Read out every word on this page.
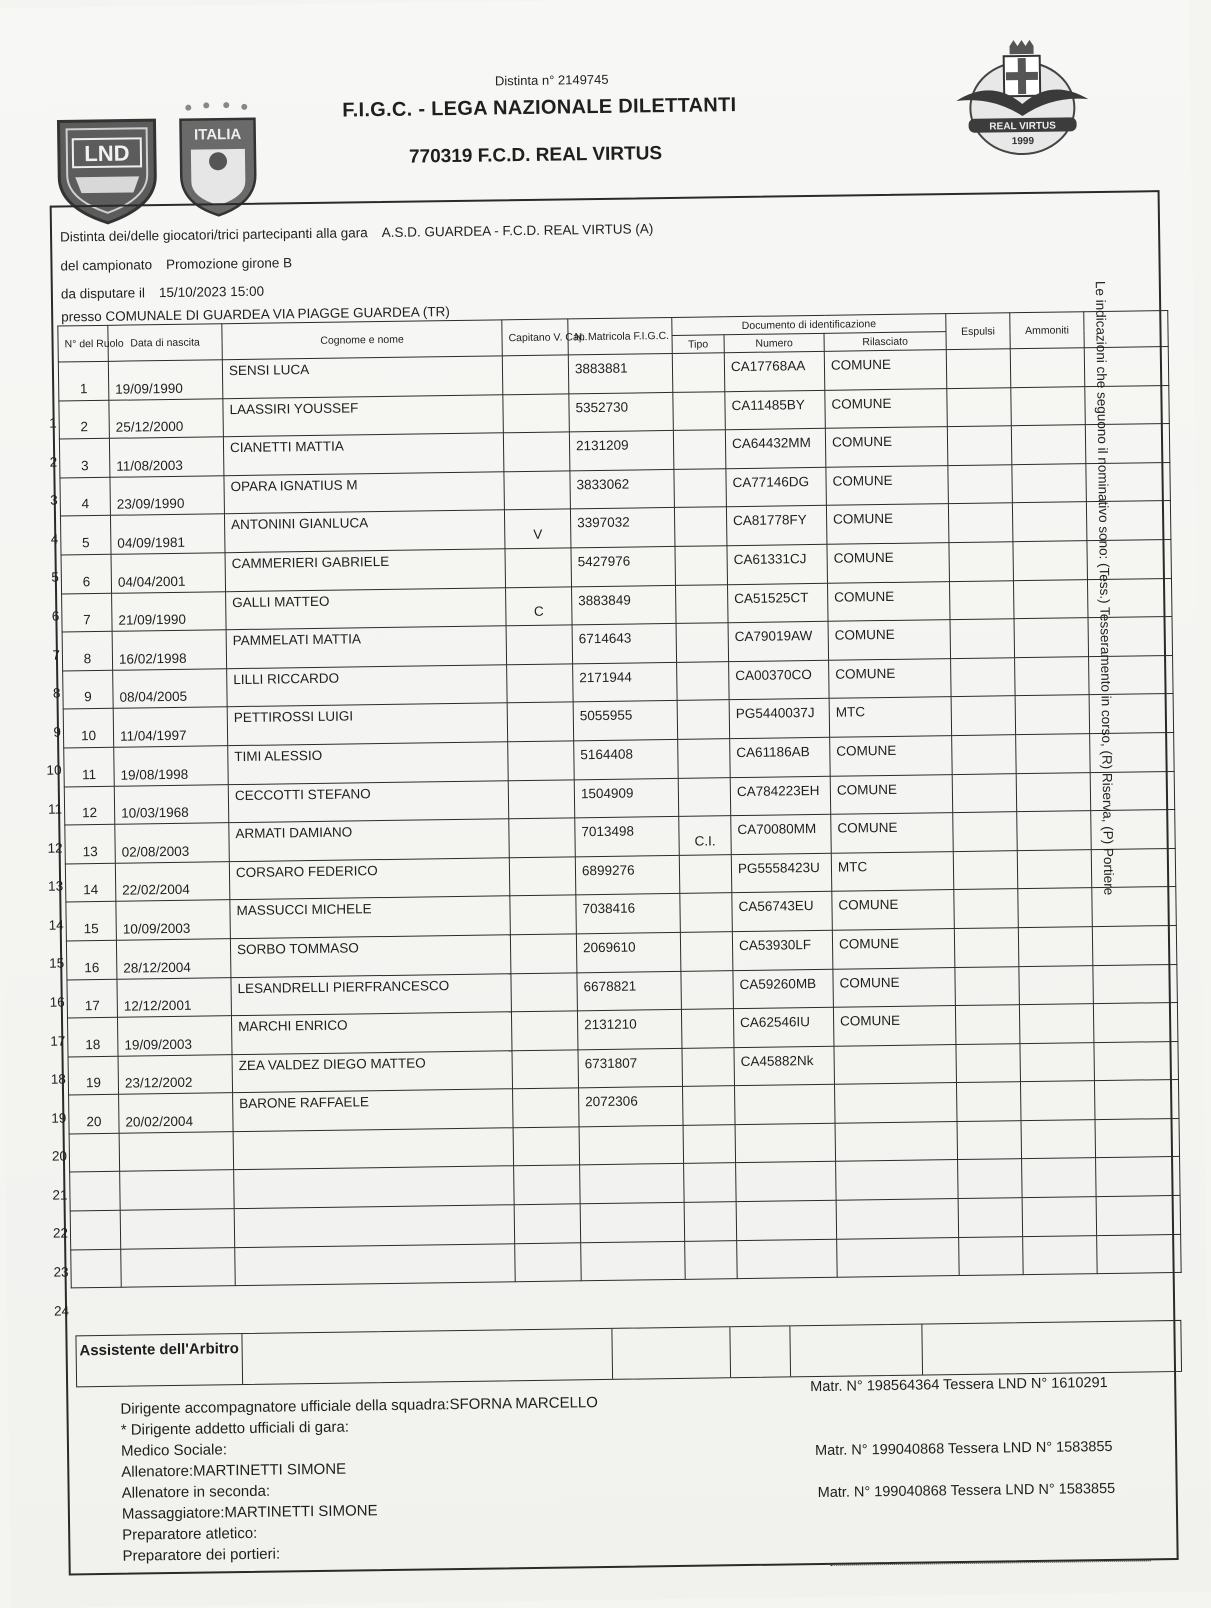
Distinta n° 2149745
F.I.G.C. - LEGA NAZIONALE DILETTANTI
770319 F.C.D. REAL VIRTUS
LND
ITALIA	REAL VIRTUS
1999
Distinta dei/delle giocatori/trici partecipanti alla gara A.S.D. GUARDEA - F.C.D. REAL VIRTUS (A)
del campionato Promozione girone B
da disputare il 15/10/2023 15:00
presso COMUNALE DI GUARDEA VIA PIAGGE GUARDEA (TR)
N° del Ruolo	Data di nascita	Cognome e nome	Capitano V. Cap.	N. Matricola F.I.G.C.	Documento di identificazione			Espulsi	Ammoniti	
					Tipo	Numero	Rilasciato			
1	19/09/1990	SENSI LUCA		3883881		CA17768AA	COMUNE			
2	25/12/2000	LAASSIRI YOUSSEF		5352730		CA11485BY	COMUNE			
3	11/08/2003	CIANETTI MATTIA		2131209		CA64432MM	COMUNE			
4	23/09/1990	OPARA IGNATIUS M		3833062		CA77146DG	COMUNE			
5	04/09/1981	ANTONINI GIANLUCA	V	3397032		CA81778FY	COMUNE			
6	04/04/2001	CAMMERIERI GABRIELE		5427976		CA61331CJ	COMUNE			
7	21/09/1990	GALLI MATTEO	C	3883849		CA51525CT	COMUNE			
8	16/02/1998	PAMMELATI MATTIA		6714643		CA79019AW	COMUNE			
9	08/04/2005	LILLI RICCARDO		2171944		CA00370CO	COMUNE			
10	11/04/1997	PETTIROSSI LUIGI		5055955		PG5440037J	MTC			
11	19/08/1998	TIMI ALESSIO		5164408		CA61186AB	COMUNE			
12	10/03/1968	CECCOTTI STEFANO		1504909		CA784223EH	COMUNE			
13	02/08/2003	ARMATI DAMIANO		7013498	C.I.	CA70080MM	COMUNE			
14	22/02/2004	CORSARO FEDERICO		6899276		PG5558423U	MTC			
15	10/09/2003	MASSUCCI MICHELE		7038416		CA56743EU	COMUNE			
16	28/12/2004	SORBO TOMMASO		2069610		CA53930LF	COMUNE			
17	12/12/2001	LESANDRELLI PIERFRANCESCO		6678821		CA59260MB	COMUNE			
18	19/09/2003	MARCHI ENRICO		2131210		CA62546IU	COMUNE			
19	23/12/2002	ZEA VALDEZ DIEGO MATTEO		6731807		CA45882Nk				
20	20/02/2004	BARONE RAFFAELE		2072306						

1
2
3
4
5
6
7
8
9
10
11
12
13
14
15
16
17
18
19
20
21
22
23
24
Assistente dell'Arbitro
Dirigente accompagnatore ufficiale della squadra:SFORNA MARCELLO
* Dirigente addetto ufficiali di gara:
Medico Sociale:
Allenatore:MARTINETTI SIMONE
Allenatore in seconda:
Massaggiatore:MARTINETTI SIMONE
Preparatore atletico:
Preparatore dei portieri:
Matr. N° 198564364 Tessera LND N° 1610291
Matr. N° 199040868 Tessera LND N° 1583855
Matr. N° 199040868 Tessera LND N° 1583855
Le indicazioni che seguono il nominativo sono: (Tess.) Tesseramento in corso, (R) Riserva, (P) Portiere
